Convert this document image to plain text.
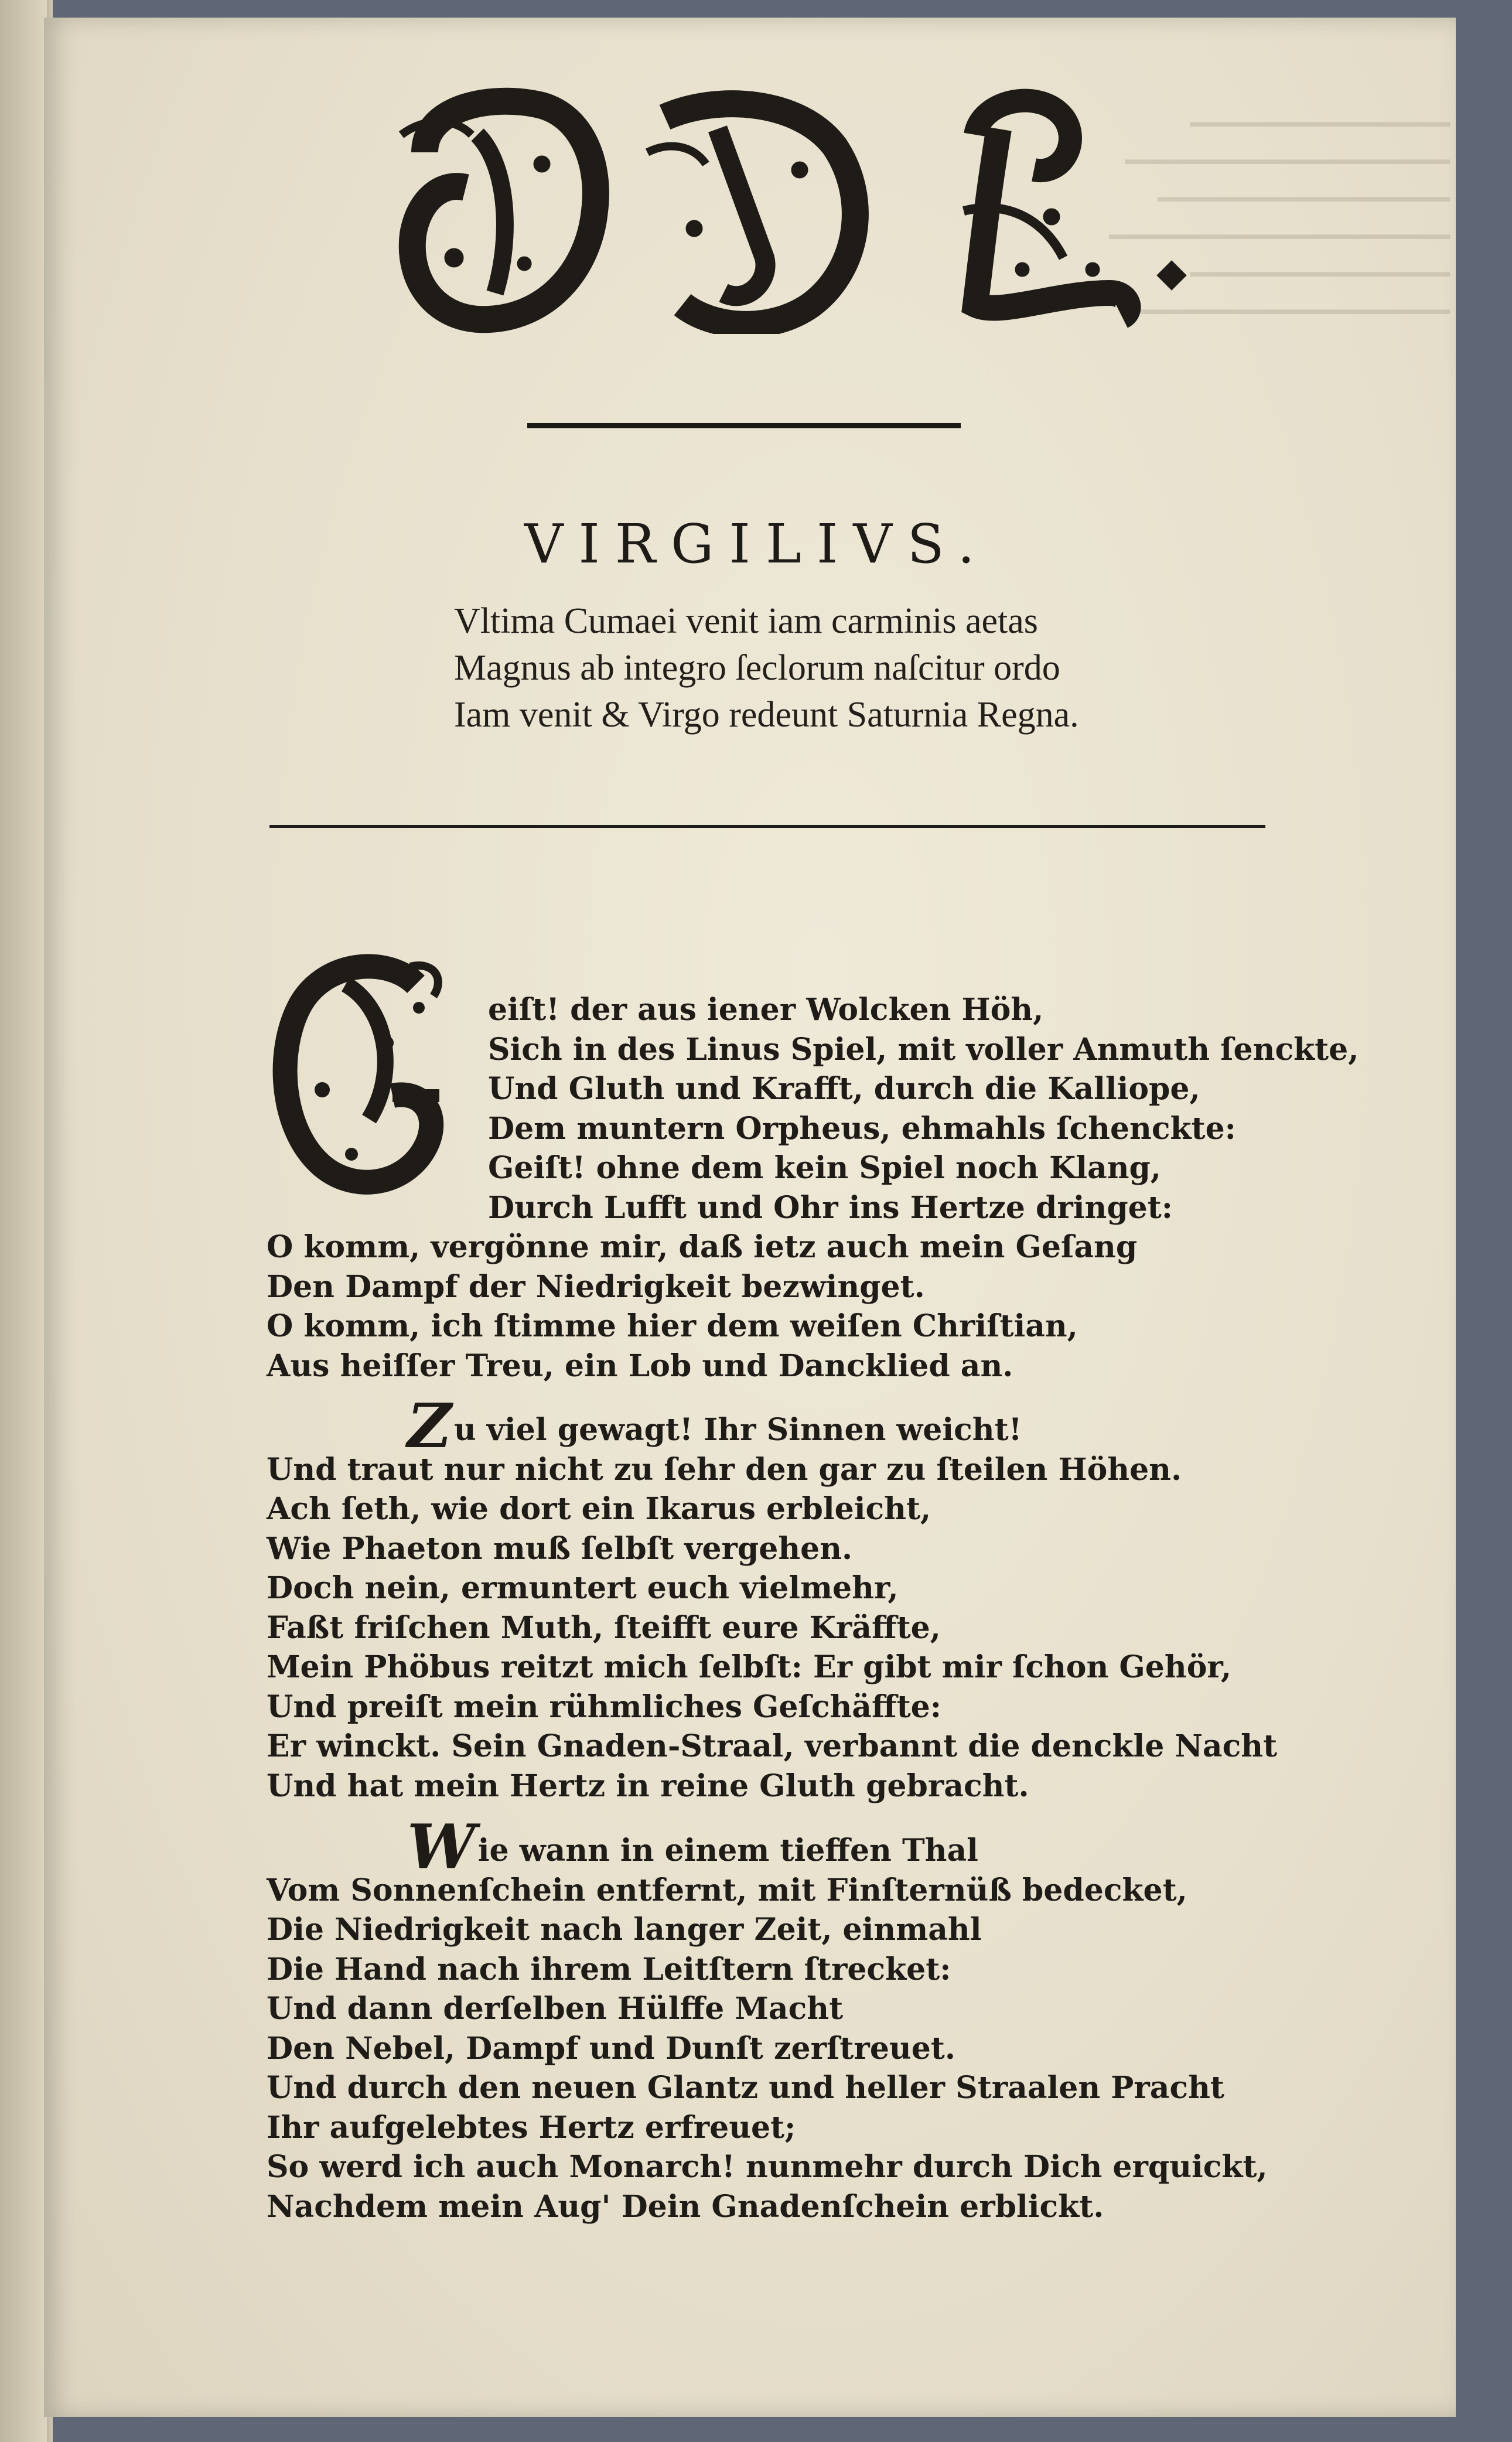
━━━━━━━━━━━━━━━━
━━━━━━━━━━━━━━━━━━━━
━━━━━━━━━━━━━━━━━━
━━━━━━━━━━━━━━━━━━━━━
━━━━━━━━━━━━━━━━
━━━━━━━━━━━━━━━━━━━━
VIRGILIVS.
Vltima Cumaei venit iam carminis aetas
Magnus ab integro ſeclorum naſcitur ordo
Iam venit & Virgo redeunt Saturnia Regna.
eiſt! der aus iener Wolcken Höh,
Sich in des Linus Spiel, mit voller Anmuth ſenckte,
Und Gluth und Krafft, durch die Kalliope,
Dem muntern Orpheus, ehmahls ſchenckte:
Geiſt! ohne dem kein Spiel noch Klang,
Durch Lufft und Ohr ins Hertze dringet:
O komm, vergönne mir, daß ietz auch mein Geſang
Den Dampf der Niedrigkeit bezwinget.
O komm, ich ſtimme hier dem weiſen Chriſtian,
Aus heiſſer Treu, ein Lob und Dancklied an.
Zu viel gewagt! Ihr Sinnen weicht!
Und traut nur nicht zu ſehr den gar zu ſteilen Höhen.
Ach ſeth, wie dort ein Ikarus erbleicht,
Wie Phaeton muß ſelbſt vergehen.
Doch nein, ermuntert euch vielmehr,
Faßt friſchen Muth, ſteifft eure Kräffte,
Mein Phöbus reitzt mich ſelbſt: Er gibt mir ſchon Gehör,
Und preiſt mein rühmliches Geſchäffte:
Er winckt. Sein Gnaden-Straal, verbannt die denckle Nacht
Und hat mein Hertz in reine Gluth gebracht.
Wie wann in einem tieffen Thal
Vom Sonnenſchein entfernt, mit Finſternüß bedecket,
Die Niedrigkeit nach langer Zeit, einmahl
Die Hand nach ihrem Leitſtern ſtrecket:
Und dann derſelben Hülffe Macht
Den Nebel, Dampf und Dunſt zerſtreuet.
Und durch den neuen Glantz und heller Straalen Pracht
Ihr aufgelebtes Hertz erfreuet;
So werd ich auch Monarch! nunmehr durch Dich erquickt,
Nachdem mein Aug' Dein Gnadenſchein erblickt.
